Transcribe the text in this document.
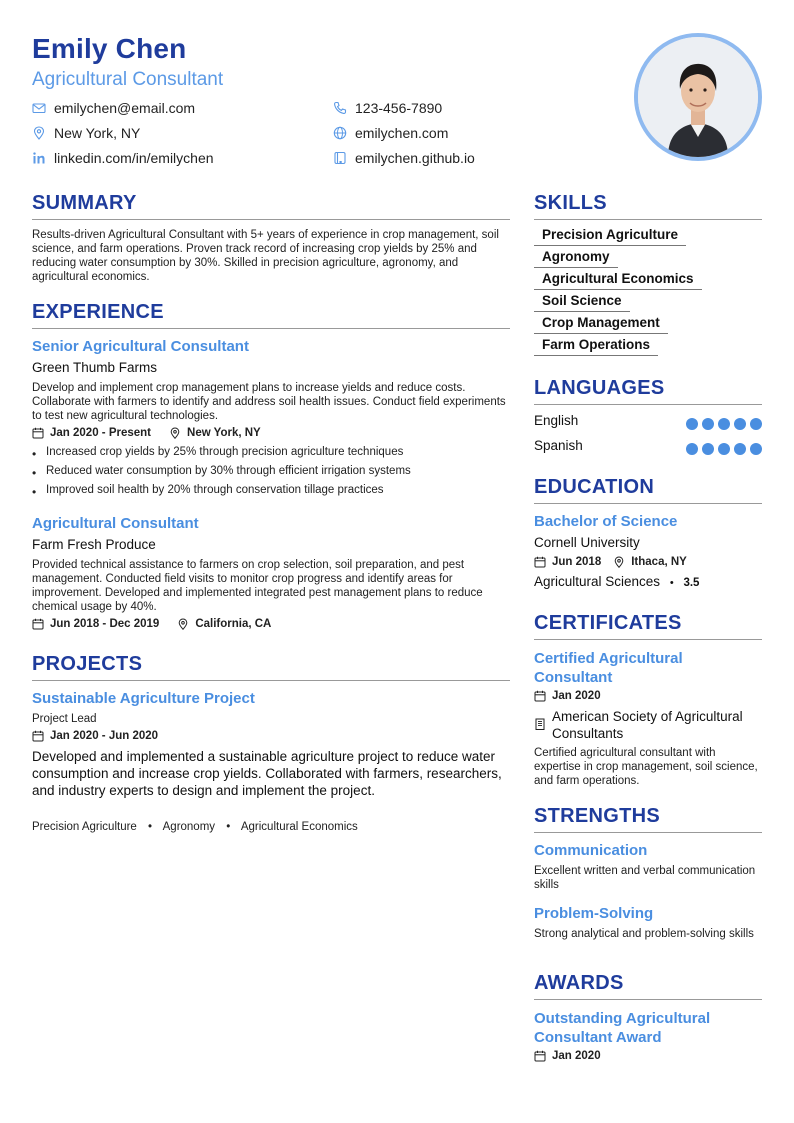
Emily Chen
Agricultural Consultant
emilychen@email.com	123-456-7890
New York, NY	emilychen.com
linkedin.com/in/emilychen	emilychen.github.io
SUMMARY
Results-driven Agricultural Consultant with 5+ years of experience in crop management, soil science, and farm operations. Proven track record of increasing crop yields by 25% and reducing water consumption by 30%. Skilled in precision agriculture, agronomy, and agricultural economics.
EXPERIENCE
Senior Agricultural Consultant
Green Thumb Farms
Develop and implement crop management plans to increase yields and reduce costs. Collaborate with farmers to identify and address soil health issues. Conduct field experiments to test new agricultural technologies.
Jan 2020 - Present	New York, NY
• Increased crop yields by 25% through precision agriculture techniques
• Reduced water consumption by 30% through efficient irrigation systems
• Improved soil health by 20% through conservation tillage practices
Agricultural Consultant
Farm Fresh Produce
Provided technical assistance to farmers on crop selection, soil preparation, and pest management. Conducted field visits to monitor crop progress and identify areas for improvement. Developed and implemented integrated pest management plans to reduce chemical usage by 40%.
Jun 2018 - Dec 2019	California, CA
PROJECTS
Sustainable Agriculture Project
Project Lead
Jan 2020 - Jun 2020
Developed and implemented a sustainable agriculture project to reduce water consumption and increase crop yields. Collaborated with farmers, researchers, and industry experts to design and implement the project.
Precision Agriculture • Agronomy • Agricultural Economics
SKILLS
Precision Agriculture
Agronomy
Agricultural Economics
Soil Science
Crop Management
Farm Operations
LANGUAGES
English
Spanish
EDUCATION
Bachelor of Science
Cornell University
Jun 2018	Ithaca, NY
Agricultural Sciences • 3.5
CERTIFICATES
Certified Agricultural Consultant
Jan 2020
American Society of Agricultural Consultants
Certified agricultural consultant with expertise in crop management, soil science, and farm operations.
STRENGTHS
Communication
Excellent written and verbal communication skills
Problem-Solving
Strong analytical and problem-solving skills
AWARDS
Outstanding Agricultural Consultant Award
Jan 2020
